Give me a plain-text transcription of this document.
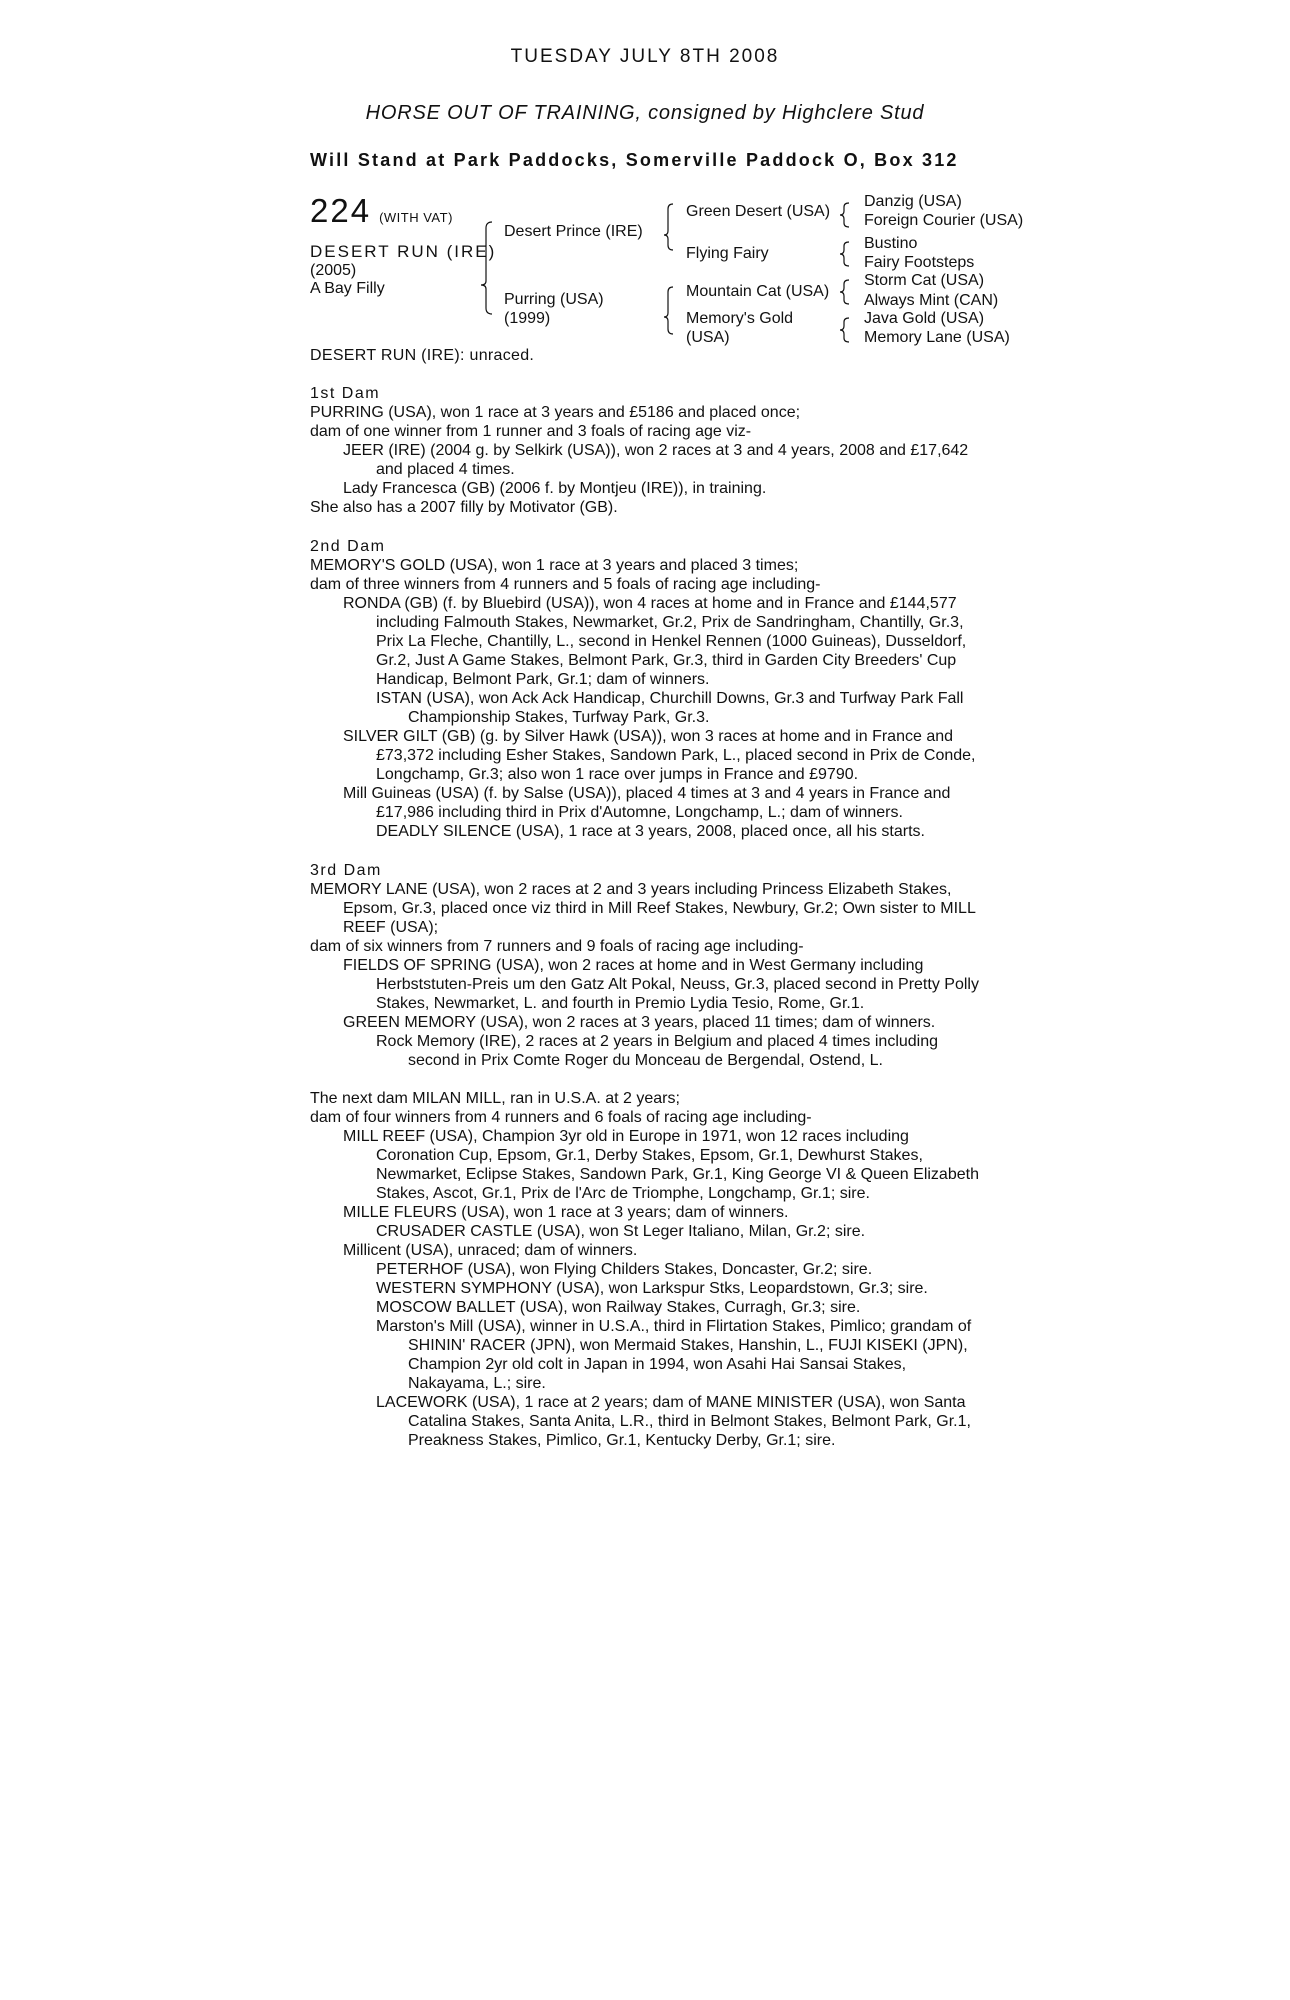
TUESDAY JULY 8TH 2008
HORSE OUT OF TRAINING, consigned by Highclere Stud
Will Stand at Park Paddocks, Somerville Paddock O, Box 312
224 (WITH VAT)
DESERT RUN (IRE)
(2005)
A Bay Filly
Desert Prince (IRE)
Purring (USA)
(1999)
Green Desert (USA)
Flying Fairy
Mountain Cat (USA)
Memory's Gold
(USA)
Danzig (USA)
Foreign Courier (USA)
Bustino
Fairy Footsteps
Storm Cat (USA)
Always Mint (CAN)
Java Gold (USA)
Memory Lane (USA)
DESERT RUN (IRE): unraced.
1st Dam

PURRING (USA), won 1 race at 3 years and £5186 and placed once;

dam of one winner from 1 runner and 3 foals of racing age viz-

JEER (IRE) (2004 g. by Selkirk (USA)), won 2 races at 3 and 4 years, 2008 and £17,642 and placed 4 times.

Lady Francesca (GB) (2006 f. by Montjeu (IRE)), in training.

She also has a 2007 filly by Motivator (GB).

2nd Dam

MEMORY'S GOLD (USA), won 1 race at 3 years and placed 3 times;

dam of three winners from 4 runners and 5 foals of racing age including-

RONDA (GB) (f. by Bluebird (USA)), won 4 races at home and in France and £144,577 including Falmouth Stakes, Newmarket, Gr.2, Prix de Sandringham, Chantilly, Gr.3, Prix La Fleche, Chantilly, L., second in Henkel Rennen (1000 Guineas), Dusseldorf, Gr.2, Just A Game Stakes, Belmont Park, Gr.3, third in Garden City Breeders' Cup Handicap, Belmont Park, Gr.1; dam of winners.

ISTAN (USA), won Ack Ack Handicap, Churchill Downs, Gr.3 and Turfway Park Fall Championship Stakes, Turfway Park, Gr.3.

SILVER GILT (GB) (g. by Silver Hawk (USA)), won 3 races at home and in France and £73,372 including Esher Stakes, Sandown Park, L., placed second in Prix de Conde, Longchamp, Gr.3; also won 1 race over jumps in France and £9790.

Mill Guineas (USA) (f. by Salse (USA)), placed 4 times at 3 and 4 years in France and £17,986 including third in Prix d'Automne, Longchamp, L.; dam of winners.

DEADLY SILENCE (USA), 1 race at 3 years, 2008, placed once, all his starts.

3rd Dam

MEMORY LANE (USA), won 2 races at 2 and 3 years including Princess Elizabeth Stakes, Epsom, Gr.3, placed once viz third in Mill Reef Stakes, Newbury, Gr.2; Own sister to MILL REEF (USA);

dam of six winners from 7 runners and 9 foals of racing age including-

FIELDS OF SPRING (USA), won 2 races at home and in West Germany including Herbststuten-Preis um den Gatz Alt Pokal, Neuss, Gr.3, placed second in Pretty Polly Stakes, Newmarket, L. and fourth in Premio Lydia Tesio, Rome, Gr.1.

GREEN MEMORY (USA), won 2 races at 3 years, placed 11 times; dam of winners.

Rock Memory (IRE), 2 races at 2 years in Belgium and placed 4 times including second in Prix Comte Roger du Monceau de Bergendal, Ostend, L.

The next dam MILAN MILL, ran in U.S.A. at 2 years;

dam of four winners from 4 runners and 6 foals of racing age including-

MILL REEF (USA), Champion 3yr old in Europe in 1971, won 12 races including Coronation Cup, Epsom, Gr.1, Derby Stakes, Epsom, Gr.1, Dewhurst Stakes, Newmarket, Eclipse Stakes, Sandown Park, Gr.1, King George VI & Queen Elizabeth Stakes, Ascot, Gr.1, Prix de l'Arc de Triomphe, Longchamp, Gr.1; sire.

MILLE FLEURS (USA), won 1 race at 3 years; dam of winners.

CRUSADER CASTLE (USA), won St Leger Italiano, Milan, Gr.2; sire.

Millicent (USA), unraced; dam of winners.

PETERHOF (USA), won Flying Childers Stakes, Doncaster, Gr.2; sire.

WESTERN SYMPHONY (USA), won Larkspur Stks, Leopardstown, Gr.3; sire.

MOSCOW BALLET (USA), won Railway Stakes, Curragh, Gr.3; sire.

Marston's Mill (USA), winner in U.S.A., third in Flirtation Stakes, Pimlico; grandam of SHININ' RACER (JPN), won Mermaid Stakes, Hanshin, L., FUJI KISEKI (JPN), Champion 2yr old colt in Japan in 1994, won Asahi Hai Sansai Stakes, Nakayama, L.; sire.

LACEWORK (USA), 1 race at 2 years; dam of MANE MINISTER (USA), won Santa Catalina Stakes, Santa Anita, L.R., third in Belmont Stakes, Belmont Park, Gr.1, Preakness Stakes, Pimlico, Gr.1, Kentucky Derby, Gr.1; sire.
